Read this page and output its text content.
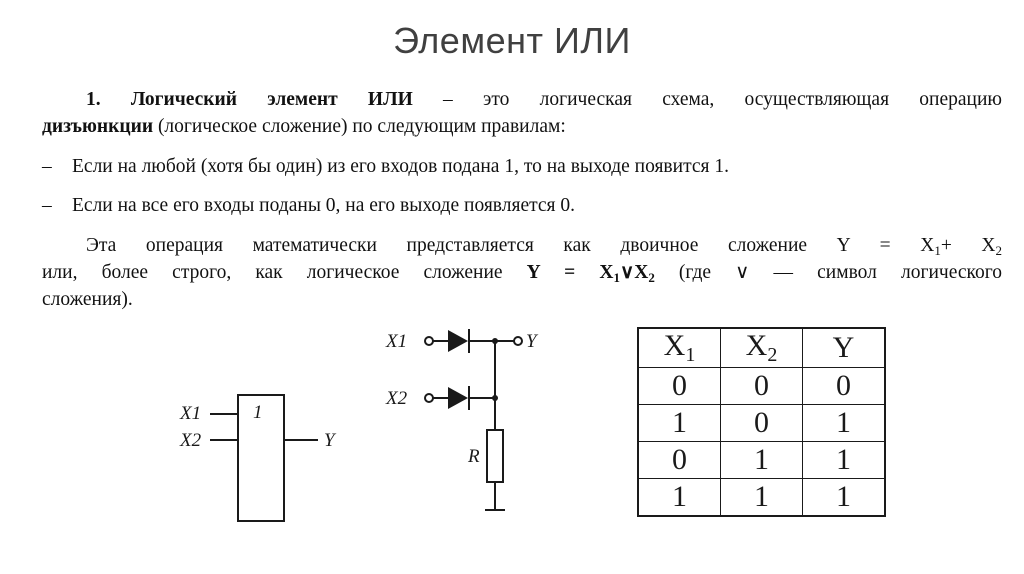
Элемент ИЛИ
1. Логический элемент ИЛИ – это логическая схема, осуществляющая операцию
дизъюнкции (логическое сложение) по следующим правилам:
– Если на любой (хотя бы один) из его входов подана 1, то на выходе появится 1.
– Если на все его входы поданы 0, на его выходе появляется 0.
Эта операция математически представляется как двоичное сложение $Y = X_1+ X_2$
или, более строго, как логическое сложение $Y = X_1\vee X_2$ (где ∨ — символ логического
сложения).
X1
X2
1
Y
X1
X2
Y
R
$X_1$	$X_2$	Y
0	0	0
1	0	1
0	1	1
1	1	1
